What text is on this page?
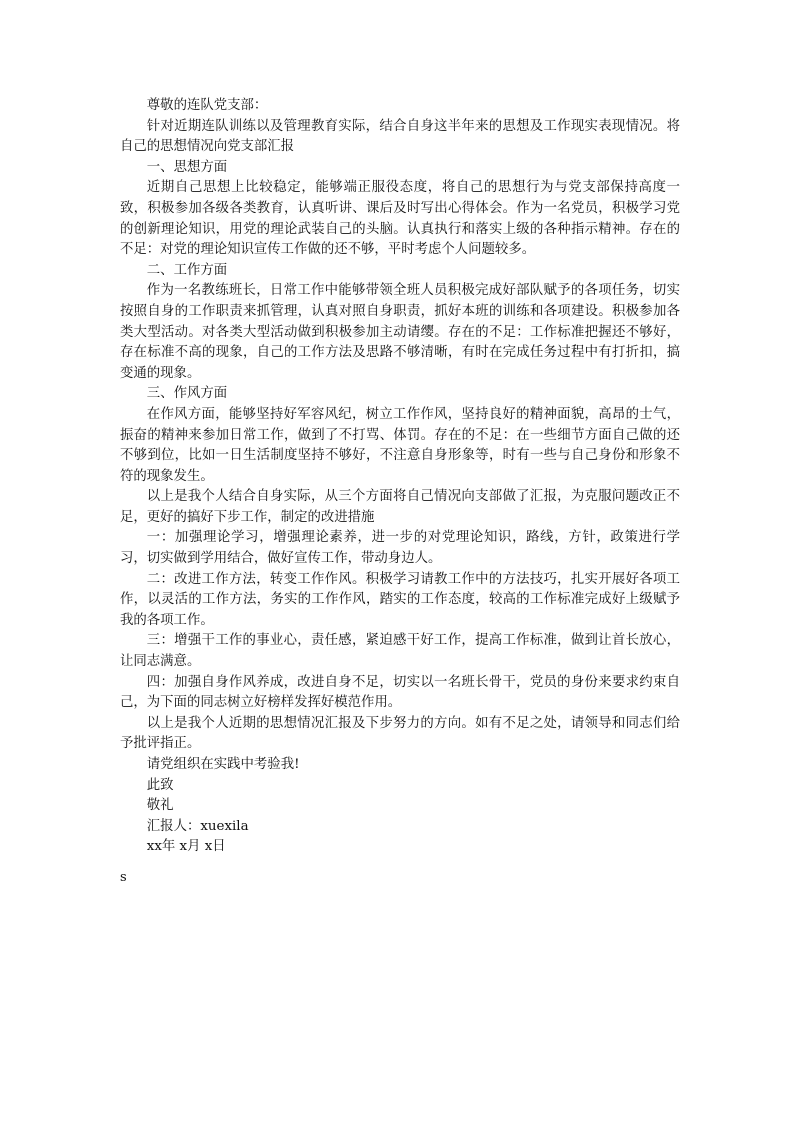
尊敬的连队党支部：

针对近期连队训练以及管理教育实际，结合自身这半年来的思想及工作现实表现情况。将自己的思想情况向党支部汇报

一、思想方面

近期自己思想上比较稳定，能够端正服役态度，将自己的思想行为与党支部保持高度一致，积极参加各级各类教育，认真听讲、课后及时写出心得体会。作为一名党员，积极学习党的创新理论知识，用党的理论武装自己的头脑。认真执行和落实上级的各种指示精神。存在的不足：对党的理论知识宣传工作做的还不够，平时考虑个人问题较多。

二、工作方面

作为一名教练班长，日常工作中能够带领全班人员积极完成好部队赋予的各项任务，切实按照自身的工作职责来抓管理，认真对照自身职责，抓好本班的训练和各项建设。积极参加各类大型活动。对各类大型活动做到积极参加主动请缨。存在的不足：工作标准把握还不够好，存在标准不高的现象，自己的工作方法及思路不够清晰，有时在完成任务过程中有打折扣，搞变通的现象。

三、作风方面

在作风方面，能够坚持好军容风纪，树立工作作风，坚持良好的精神面貌，高昂的士气，振奋的精神来参加日常工作，做到了不打骂、体罚。存在的不足：在一些细节方面自己做的还不够到位，比如一日生活制度坚持不够好，不注意自身形象等，时有一些与自己身份和形象不符的现象发生。

以上是我个人结合自身实际，从三个方面将自己情况向支部做了汇报，为克服问题改正不足，更好的搞好下步工作，制定的改进措施

一：加强理论学习，增强理论素养，进一步的对党理论知识，路线，方针，政策进行学习，切实做到学用结合，做好宣传工作，带动身边人。

二：改进工作方法，转变工作作风。积极学习请教工作中的方法技巧，扎实开展好各项工作，以灵活的工作方法，务实的工作作风，踏实的工作态度，较高的工作标准完成好上级赋予我的各项工作。

三：增强干工作的事业心，责任感，紧迫感干好工作，提高工作标准，做到让首长放心，让同志满意。

四：加强自身作风养成，改进自身不足，切实以一名班长骨干，党员的身份来要求约束自己，为下面的同志树立好榜样发挥好模范作用。

以上是我个人近期的思想情况汇报及下步努力的方向。如有不足之处，请领导和同志们给予批评指正。

请党组织在实践中考验我!

此致

敬礼

汇报人：xuexila

xx年 x月 x日

s
